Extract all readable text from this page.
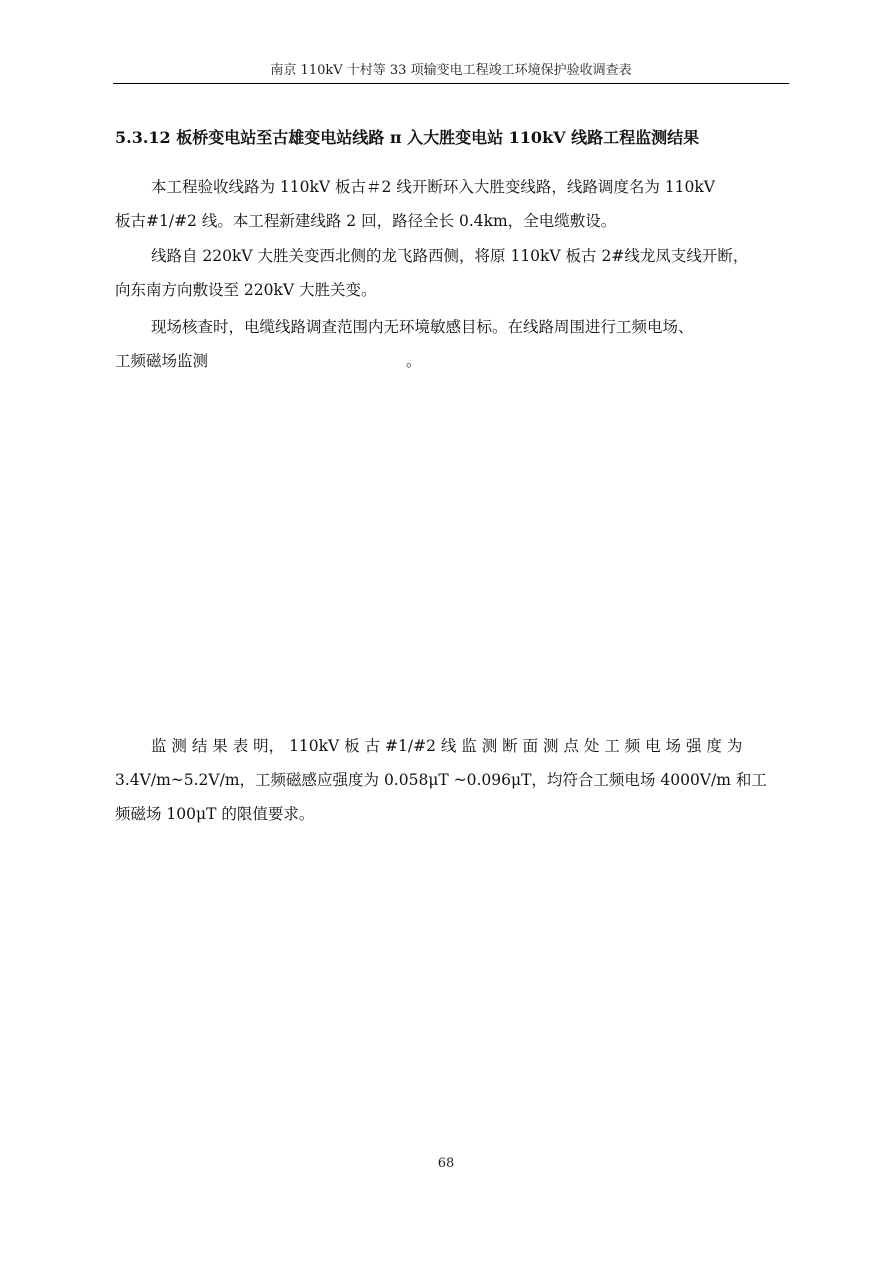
南京 110kV 十村等 33 项输变电工程竣工环境保护验收调查表
5.3.12 板桥变电站至古雄变电站线路 π 入大胜变电站 110kV 线路工程监测结果
本工程验收线路为 110kV 板古＃2 线开断环入大胜变线路，线路调度名为 110kV
板古#1/#2 线。本工程新建线路 2 回，路径全长 0.4km，全电缆敷设。
线路自 220kV 大胜关变西北侧的龙飞路西侧，将原 110kV 板古 2#线龙凤支线开断，
向东南方向敷设至 220kV 大胜关变。
现场核查时，电缆线路调查范围内无环境敏感目标。在线路周围进行工频电场、
工频磁场监测	。
监 测 结 果 表 明， 110kV 板 古 #1/#2 线 监 测 断 面 测 点 处 工 频 电 场 强 度 为
3.4V/m~5.2V/m，工频磁感应强度为 0.058μT ~0.096μT，均符合工频电场 4000V/m 和工
频磁场 100μT 的限值要求。
68
